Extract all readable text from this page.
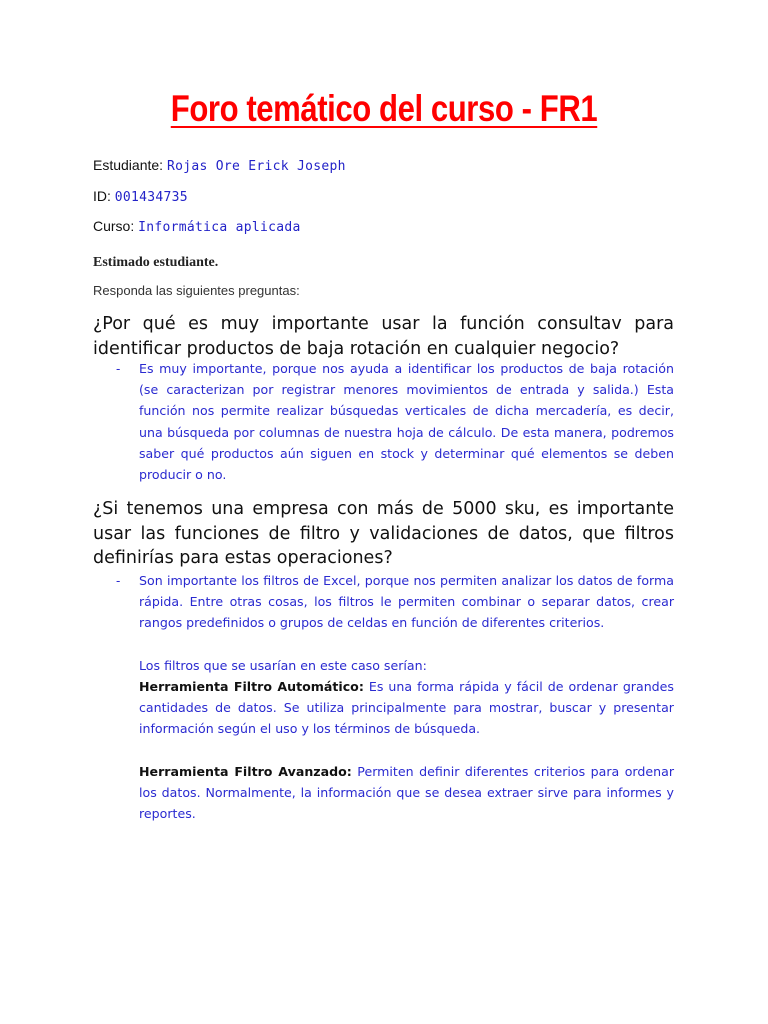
Foro temático del curso - FR1
Estudiante: Rojas Ore Erick Joseph
ID: 001434735
Curso: Informática aplicada
Estimado estudiante.
Responda las siguientes preguntas:
¿Por qué es muy importante usar la función consultav para identificar productos de baja rotación en cualquier negocio?
- Es muy importante, porque nos ayuda a identificar los productos de baja rotación (se caracterizan por registrar menores movimientos de entrada y salida.) Esta función nos permite realizar búsquedas verticales de dicha mercadería, es decir, una búsqueda por columnas de nuestra hoja de cálculo. De esta manera, podremos saber qué productos aún siguen en stock y determinar qué elementos se deben producir o no.

¿Si tenemos una empresa con más de 5000 sku, es importante usar las funciones de filtro y validaciones de datos, que filtros definirías para estas operaciones?
- Son importante los filtros de Excel, porque nos permiten analizar los datos de forma rápida. Entre otras cosas, los filtros le permiten combinar o separar datos, crear rangos predefinidos o grupos de celdas en función de diferentes criterios.

Los filtros que se usarían en este caso serían:

Herramienta Filtro Automático: Es una forma rápida y fácil de ordenar grandes cantidades de datos. Se utiliza principalmente para mostrar, buscar y presentar información según el uso y los términos de búsqueda.

Herramienta Filtro Avanzado: Permiten definir diferentes criterios para ordenar los datos. Normalmente, la información que se desea extraer sirve para informes y reportes.
